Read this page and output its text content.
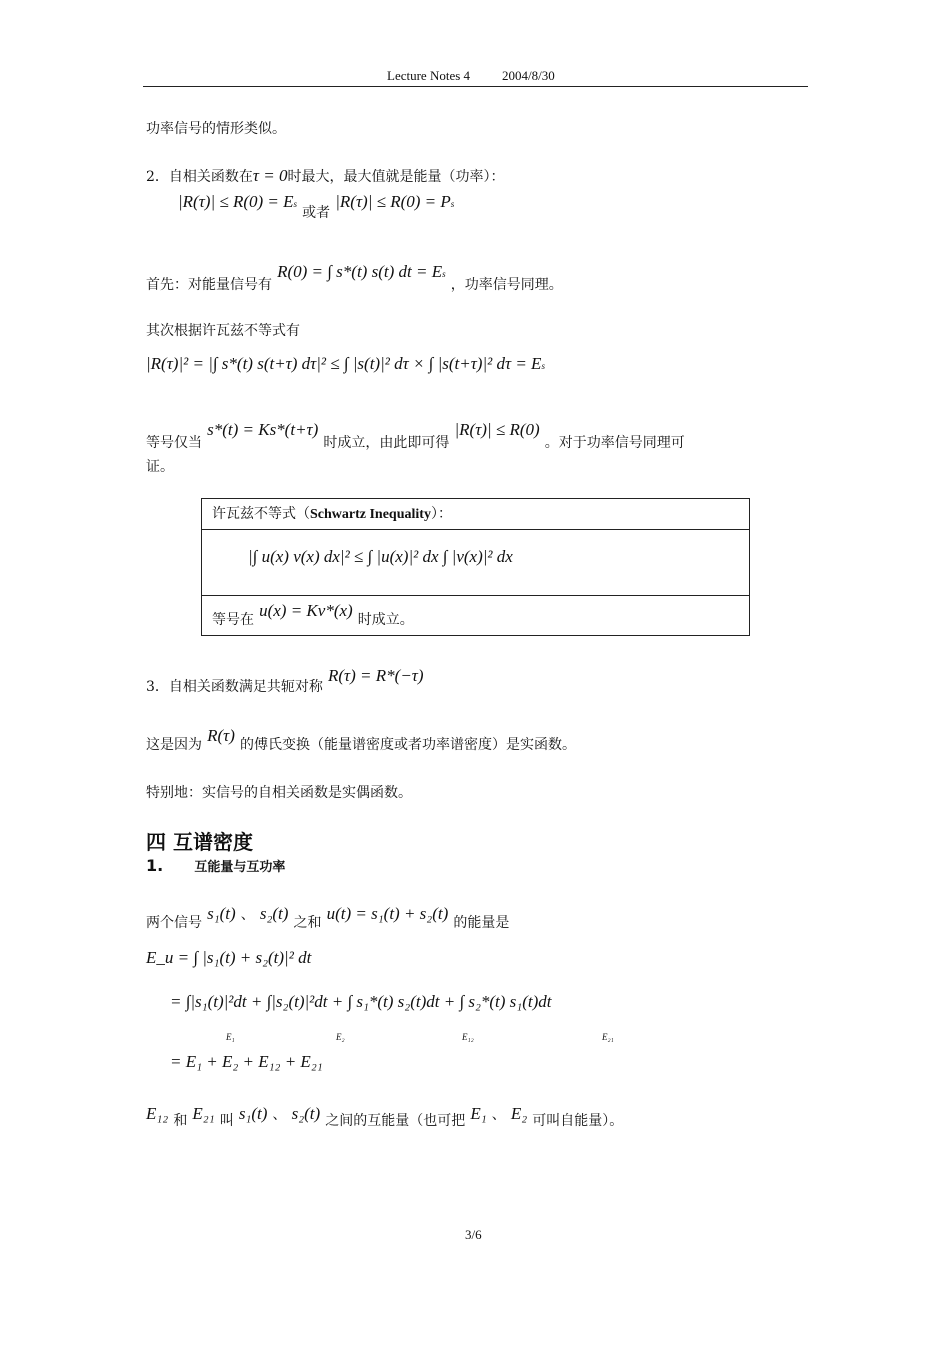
Lecture Notes 4 2004/8/30
功率信号的情形类似。
2．自相关函数在τ = 0时最大，最大值就是能量（功率）：
|R(τ)| ≤ R(0) = Es 或者 |R(τ)| ≤ R(0) = Ps
首先：对能量信号有 R(0) = ∫ s*(t) s(t) dt = Es ，功率信号同理。
其次根据许瓦兹不等式有
|R(τ)|² = |∫ s*(t) s(t+τ) dτ|² ≤ ∫ |s(t)|² dτ × ∫ |s(t+τ)|² dτ = Es
等号仅当 s*(t) = Ks*(t+τ) 时成立，由此即可得 |R(τ)| ≤ R(0) 。对于功率信号同理可
证。
许瓦兹不等式（Schwartz Inequality）：
|∫ u(x) v(x) dx|² ≤ ∫ |u(x)|² dx ∫ |v(x)|² dx
等号在 u(x) = Kv*(x) 时成立。
3．自相关函数满足共轭对称 R(τ) = R*(−τ)
这是因为 R(τ) 的傅氏变换（能量谱密度或者功率谱密度）是实函数。
特别地：实信号的自相关函数是实偶函数。
四 互谱密度
1. 互能量与互功率
两个信号 s₁(t) 、 s₂(t) 之和 u(t) = s₁(t) + s₂(t) 的能量是
E_u = ∫ |s₁(t) + s₂(t)|² dt
= ∫|s₁(t)|²dt + ∫|s₂(t)|²dt + ∫ s₁*(t) s₂(t)dt + ∫ s₂*(t) s₁(t)dt
E₁	E₂	E₁₂	E₂₁
= E₁ + E₂ + E₁₂ + E₂₁
E₁₂ 和 E₂₁ 叫 s₁(t) 、 s₂(t) 之间的互能量（也可把 E₁ 、 E₂ 可叫自能量）。
3/6
